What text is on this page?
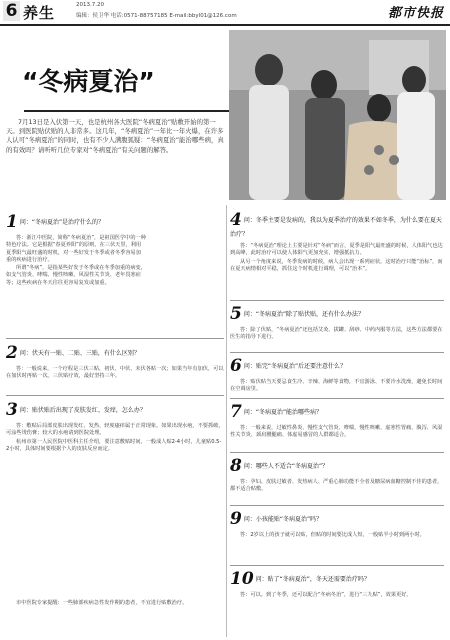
6 养生	2013.7.20
编辑：侯卫华 电话:0571-88757185 E-mail:bbyl01@126.com	都市快报
“冬病夏治”

7月13日是入伏第一天，也是杭州各大医院“冬病夏治”贴敷开始的第一天。到医院贴伏贴的人非常多。这几年，“冬病夏治”一年比一年火爆，在许多人认可“冬病夏治”的同时，也有不少人满腹狐疑：“冬病夏治”能治哪些病，真的有效吗？请听听几位专家对“冬病夏治”有关问题的解答。

1 问：“冬病夏治”是治疗什么的？

答：浙江中医院，简称“冬病夏治”，是祖国医学中的一种特色疗法。它是根据“春夏养阳”的原则，在三伏天里，利用夏季阳气最旺盛的时机，对一些好发于冬季或者冬季容易加重的疾病进行治疗。

所谓“冬病”，是指某些好发于冬季或在冬季加重的病变，如支气管炎、哮喘、慢性咳嗽、风湿性关节炎、老年畏寒症等；这些疾病在冬天往往更容易复发或加重。

2 问：伏天有一贴、二贴、三贴，有什么区别？

答：一般说来，一个疗程是三伏三贴，初伏、中伏、末伏各贴一次；如果当年有加伏，可以在加伏时再贴一次。三伏贴疗效，最好坚持三年。

3 问：贴伏贴后出现了皮肤发红、发痒，怎么办？

答：敷贴后局部皮肤出现发红、发热、轻度瘙痒属于正常现象。如果出现水疱，不要抓破，可涂些烫伤膏；较大的水疱请到医院处理。

杭州市第一人民医院中医科主任介绍，要注意敷贴时间，一般成人贴2-4小时，儿童贴0.5-2小时，具体时间要根据个人的皮肤反应而定。

4 问：冬季主要是发病的，我以为夏季治疗的效果不如冬季，为什么要在夏天治疗？

答：“冬病夏治”理论上主要是针对“冬病”而言，夏季是阳气最旺盛的时候，人体阳气也达到高峰，此时治疗可以使人体阳气更加充实，增强抵抗力。

从另一个角度来说，冬季发病的时候，病人会出现一系列症状，这时治疗只能“治标”，而在夏天病情相对平稳，抓住这个时机进行调理，可以“治本”。

5 问：“冬病夏治”除了贴伏贴，还有什么办法？

答：除了伏贴，“冬病夏治”还包括艾灸、拔罐、刮痧、中药内服等方法，这些方法都要在医生的指导下进行。

6 问：贴完“冬病夏治”后还要注意什么？

答：贴伏贴当天要忌食生冷、辛辣、海鲜等食物，不宜游泳、不要冷水洗澡，避免长时间在空调房里。

7 问：“冬病夏治”能治哪些病？

答：一般来说，过敏性鼻炎、慢性支气管炎、哮喘、慢性咳嗽、虚寒性胃痛、腹泻、风湿性关节炎、颈肩腰腿痛、体虚易感冒的人群都适合。

8 问：哪些人不适合“冬病夏治”？

答：孕妇、皮肤过敏者、发热病人、严重心肺功能不全者及糖尿病血糖控制不佳的患者，都不适合贴敷。

9 问：小孩能贴“冬病夏治”吗？

答：2岁以上的孩子就可以贴，但贴的时间要比成人短，一般贴半小时到两小时。

10 问：贴了“冬病夏治”，冬天还需要治疗吗？

答：可以。到了冬季，还可以配合“冬病冬治”，进行“三九贴”，效果更好。

市中医院专家提醒：一些肺部疾病急性发作期的患者，不宜进行贴敷治疗。
